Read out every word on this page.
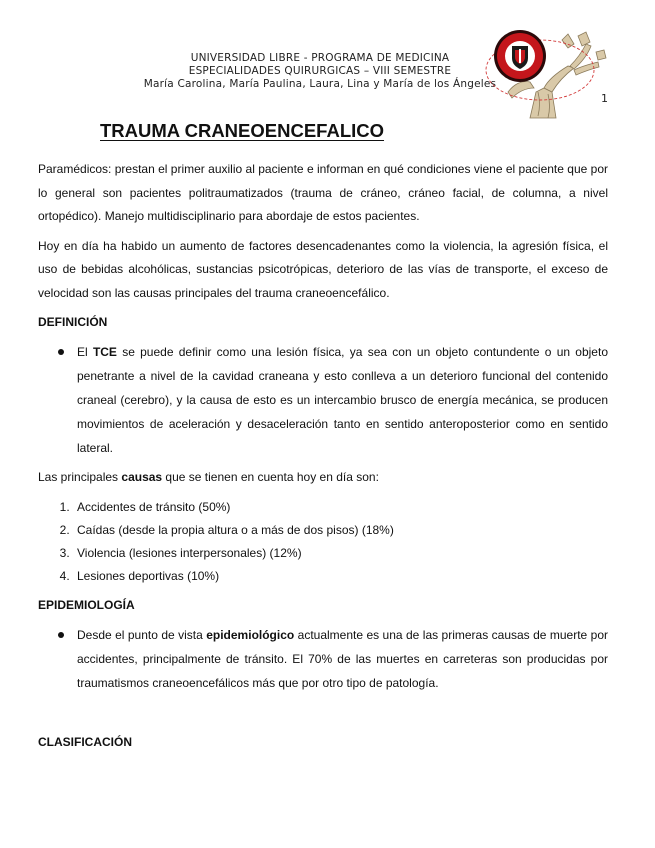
UNIVERSIDAD LIBRE - PROGRAMA DE MEDICINA
ESPECIALIDADES QUIRURGICAS – VIII SEMESTRE
María Carolina, María Paulina, Laura, Lina y María de los Ángeles
1
TRAUMA CRANEOENCEFALICO

Paramédicos: prestan el primer auxilio al paciente e informan en qué condiciones viene el paciente que por lo general son pacientes politraumatizados (trauma de cráneo, cráneo facial, de columna, a nivel ortopédico). Manejo multidisciplinario para abordaje de estos pacientes.

Hoy en día ha habido un aumento de factores desencadenantes como la violencia, la agresión física, el uso de bebidas alcohólicas, sustancias psicotrópicas, deterioro de las vías de transporte, el exceso de velocidad son las causas principales del trauma craneoencefálico.

DEFINICIÓN

El TCE se puede definir como una lesión física, ya sea con un objeto contundente o un objeto penetrante a nivel de la cavidad craneana y esto conlleva a un deterioro funcional del contenido craneal (cerebro), y la causa de esto es un intercambio brusco de energía mecánica, se producen movimientos de aceleración y desaceleración tanto en sentido anteroposterior como en sentido lateral.

Las principales causas que se tienen en cuenta hoy en día son:

1. Accidentes de tránsito (50%)
2. Caídas (desde la propia altura o a más de dos pisos) (18%)
3. Violencia (lesiones interpersonales) (12%)
4. Lesiones deportivas (10%)
EPIDEMIOLOGÍA

Desde el punto de vista epidemiológico actualmente es una de las primeras causas de muerte por accidentes, principalmente de tránsito. El 70% de las muertes en carreteras son producidas por traumatismos craneoencefálicos más que por otro tipo de patología.

CLASIFICACIÓN
